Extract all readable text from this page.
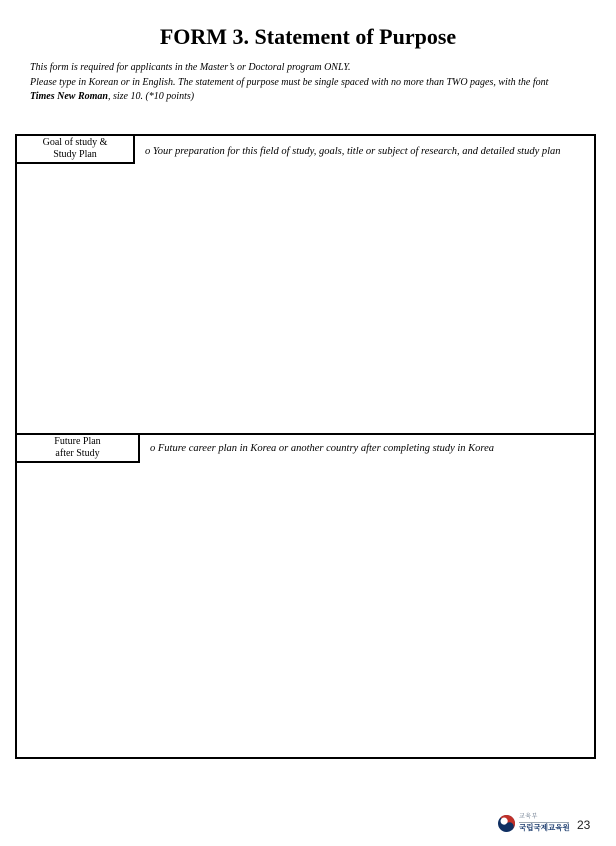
FORM 3. Statement of Purpose
This form is required for applicants in the Master’s or Doctoral program ONLY.
Please type in Korean or in English. The statement of purpose must be single spaced with no more than TWO pages, with the font
Times New Roman, size 10. (*10 points)
Goal of study &
Study Plan	o Your preparation for this field of study, goals, title or subject of research, and detailed study plan
Future Plan
after Study	o Future career plan in Korea or another country after completing study in Korea
교육부
국립국제교육원 23
